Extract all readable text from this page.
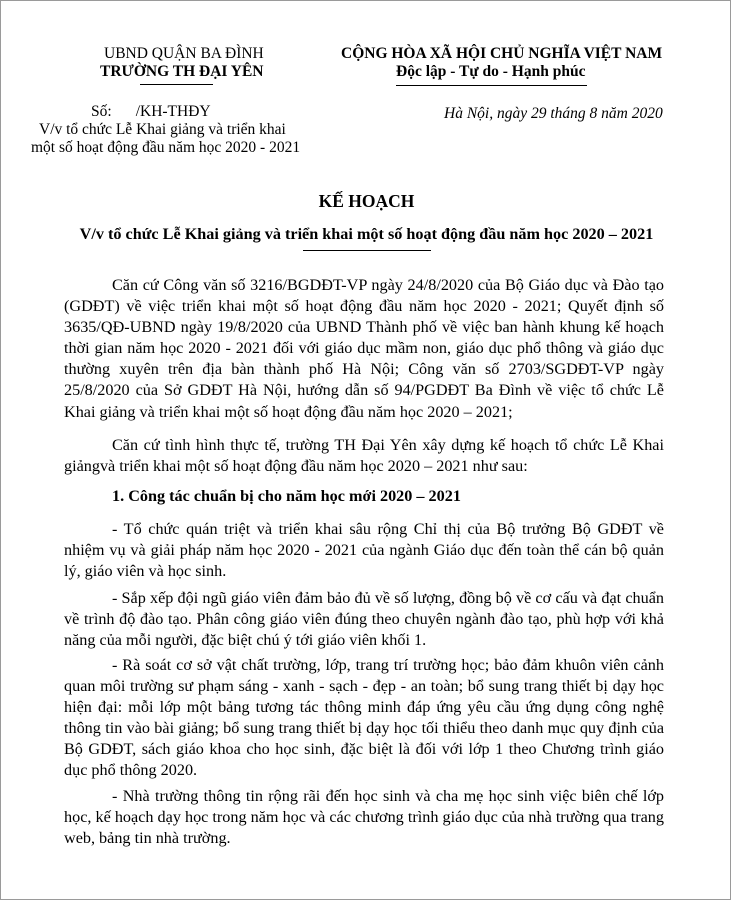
UBND QUẬN BA ĐÌNH
TRƯỜNG TH ĐẠI YÊN
Số: /KH-THĐY
V/v tổ chức Lễ Khai giảng và triển khai
một số hoạt động đầu năm học 2020 - 2021
CỘNG HÒA XÃ HỘI CHỦ NGHĨA VIỆT NAM
Độc lập - Tự do - Hạnh phúc
Hà Nội, ngày 29 tháng 8 năm 2020
KẾ HOẠCH
V/v tổ chức Lễ Khai giảng và triển khai một số hoạt động đầu năm học 2020 – 2021

Căn cứ Công văn số 3216/BGDĐT-VP ngày 24/8/2020 của Bộ Giáo dục và Đào tạo (GDĐT) về việc triển khai một số hoạt động đầu năm học 2020 - 2021; Quyết định số 3635/QĐ-UBND ngày 19/8/2020 của UBND Thành phố về việc ban hành khung kế hoạch thời gian năm học 2020 - 2021 đối với giáo dục mầm non, giáo dục phổ thông và giáo dục thường xuyên trên địa bàn thành phố Hà Nội; Công văn số 2703/SGDĐT-VP ngày 25/8/2020 của Sở GDĐT Hà Nội, hướng dẫn số 94/PGDĐT Ba Đình về việc tổ chức Lễ Khai giảng và triển khai một số hoạt động đầu năm học 2020 – 2021;

Căn cứ tình hình thực tế, trường TH Đại Yên xây dựng kế hoạch tổ chức Lễ Khai giảngvà triển khai một số hoạt động đầu năm học 2020 – 2021 như sau:

1. Công tác chuẩn bị cho năm học mới 2020 – 2021

- Tổ chức quán triệt và triển khai sâu rộng Chỉ thị của Bộ trưởng Bộ GDĐT về nhiệm vụ và giải pháp năm học 2020 - 2021 của ngành Giáo dục đến toàn thể cán bộ quản lý, giáo viên và học sinh.

- Sắp xếp đội ngũ giáo viên đảm bảo đủ về số lượng, đồng bộ về cơ cấu và đạt chuẩn về trình độ đào tạo. Phân công giáo viên đúng theo chuyên ngành đào tạo, phù hợp với khả năng của mỗi người, đặc biệt chú ý tới giáo viên khối 1.

- Rà soát cơ sở vật chất trường, lớp, trang trí trường học; bảo đảm khuôn viên cảnh quan môi trường sư phạm sáng - xanh - sạch - đẹp - an toàn; bổ sung trang thiết bị dạy học hiện đại: mỗi lớp một bảng tương tác thông minh đáp ứng yêu cầu ứng dụng công nghệ thông tin vào bài giảng; bổ sung trang thiết bị dạy học tối thiểu theo danh mục quy định của Bộ GDĐT, sách giáo khoa cho học sinh, đặc biệt là đối với lớp 1 theo Chương trình giáo dục phổ thông 2020.

- Nhà trường thông tin rộng rãi đến học sinh và cha mẹ học sinh việc biên chế lớp học, kế hoạch dạy học trong năm học và các chương trình giáo dục của nhà trường qua trang web, bảng tin nhà trường.
